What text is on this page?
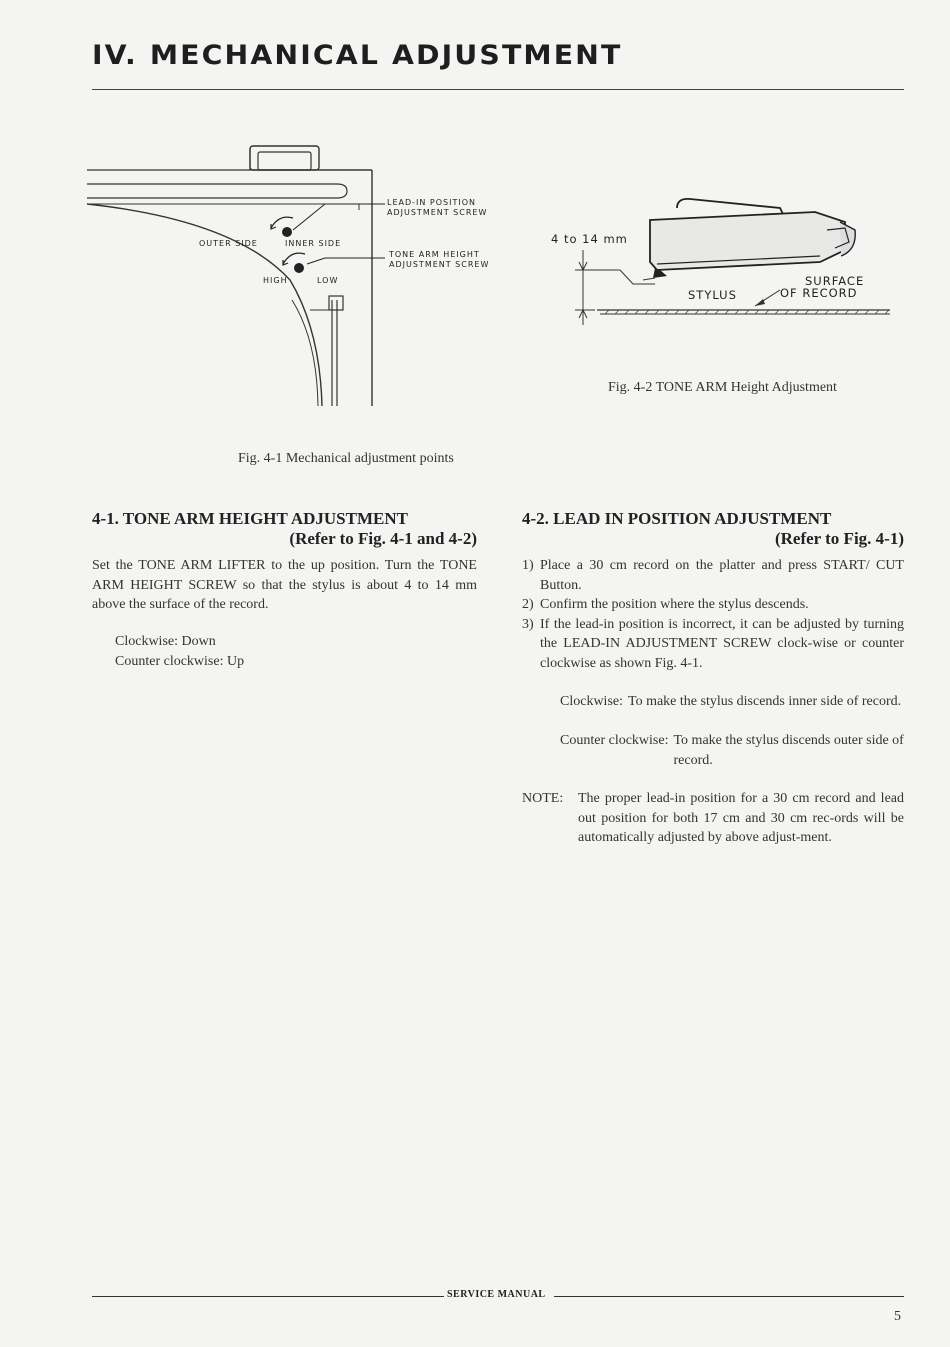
IV. MECHANICAL ADJUSTMENT
LEAD-IN POSITION
ADJUSTMENT SCREW
OUTER SIDE	INNER SIDE
TONE ARM HEIGHT
ADJUSTMENT SCREW
HIGH	LOW
Fig. 4-1 Mechanical adjustment points
4 to 14 mm
STYLUS
SURFACE
OF RECORD
Fig. 4-2 TONE ARM Height Adjustment
4-1. TONE ARM HEIGHT ADJUSTMENT
(Refer to Fig. 4-1 and 4-2)
Set the TONE ARM LIFTER to the up position. Turn the TONE ARM HEIGHT SCREW so that the stylus is about 4 to 14 mm above the surface of the record.
Clockwise: Down
Counter clockwise: Up
4-2. LEAD IN POSITION ADJUSTMENT
(Refer to Fig. 4-1)
1) Place a 30 cm record on the platter and press START/ CUT Button.
2) Confirm the position where the stylus descends.
3) If the lead-in position is incorrect, it can be adjusted by turning the LEAD-IN ADJUSTMENT SCREW clock-wise or counter clockwise as shown Fig. 4-1.
Clockwise: To make the stylus discends inner side of record.
Counter clockwise: To make the stylus discends outer side of record.
NOTE:	The proper lead-in position for a 30 cm record and lead out position for both 17 cm and 30 cm rec-ords will be automatically adjusted by above adjust-ment.
SERVICE MANUAL
5
